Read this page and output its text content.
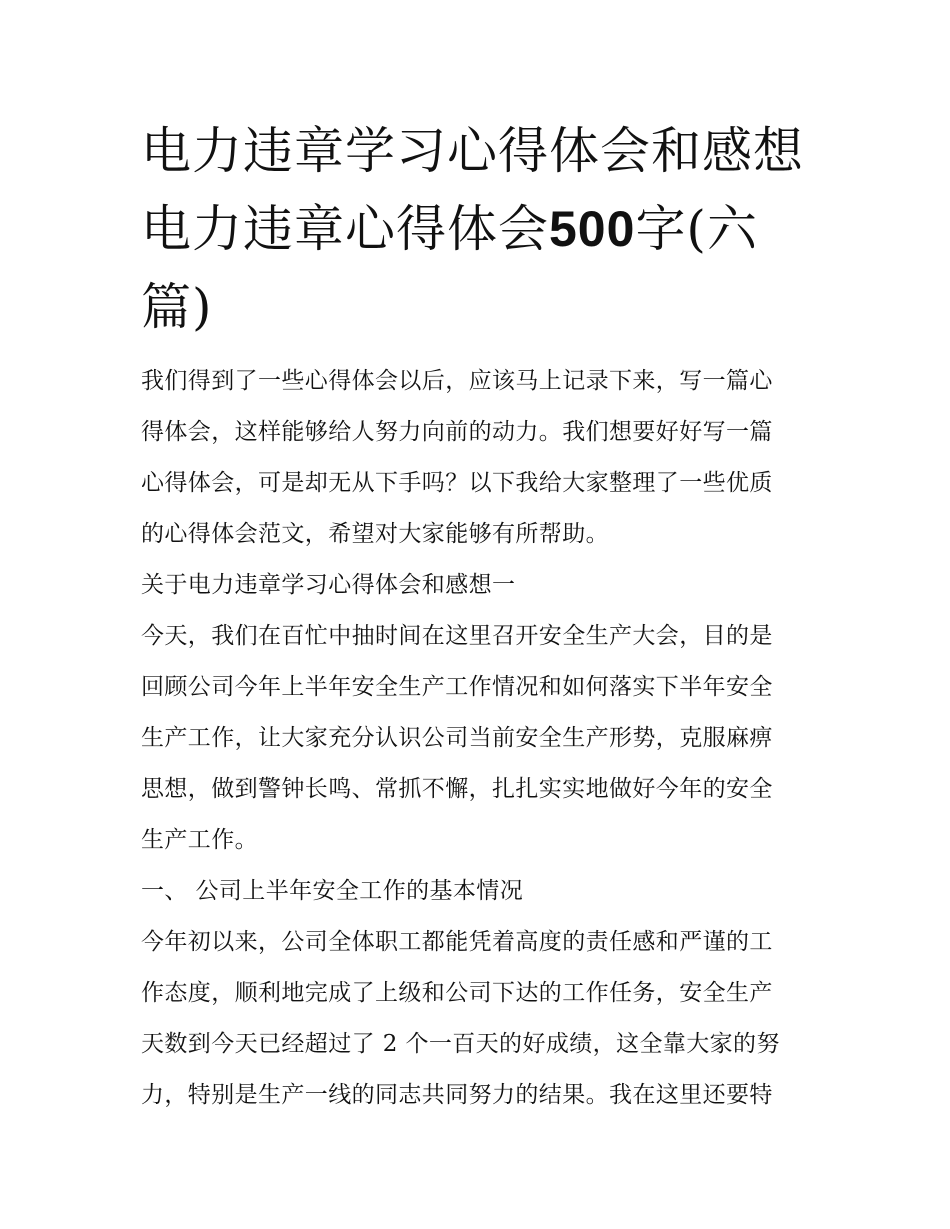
电力违章学习心得体会和感想电力违章心得体会500字(六篇)
我们得到了一些心得体会以后，应该马上记录下来，写一篇心
得体会，这样能够给人努力向前的动力。我们想要好好写一篇
心得体会，可是却无从下手吗？以下我给大家整理了一些优质
的心得体会范文，希望对大家能够有所帮助。
关于电力违章学习心得体会和感想一
今天，我们在百忙中抽时间在这里召开安全生产大会，目的是
回顾公司今年上半年安全生产工作情况和如何落实下半年安全
生产工作，让大家充分认识公司当前安全生产形势，克服麻痹
思想，做到警钟长鸣、常抓不懈，扎扎实实地做好今年的安全
生产工作。
一、 公司上半年安全工作的基本情况
今年初以来，公司全体职工都能凭着高度的责任感和严谨的工
作态度，顺利地完成了上级和公司下达的工作任务，安全生产
天数到今天已经超过了 2 个一百天的好成绩，这全靠大家的努
力，特别是生产一线的同志共同努力的结果。我在这里还要特
